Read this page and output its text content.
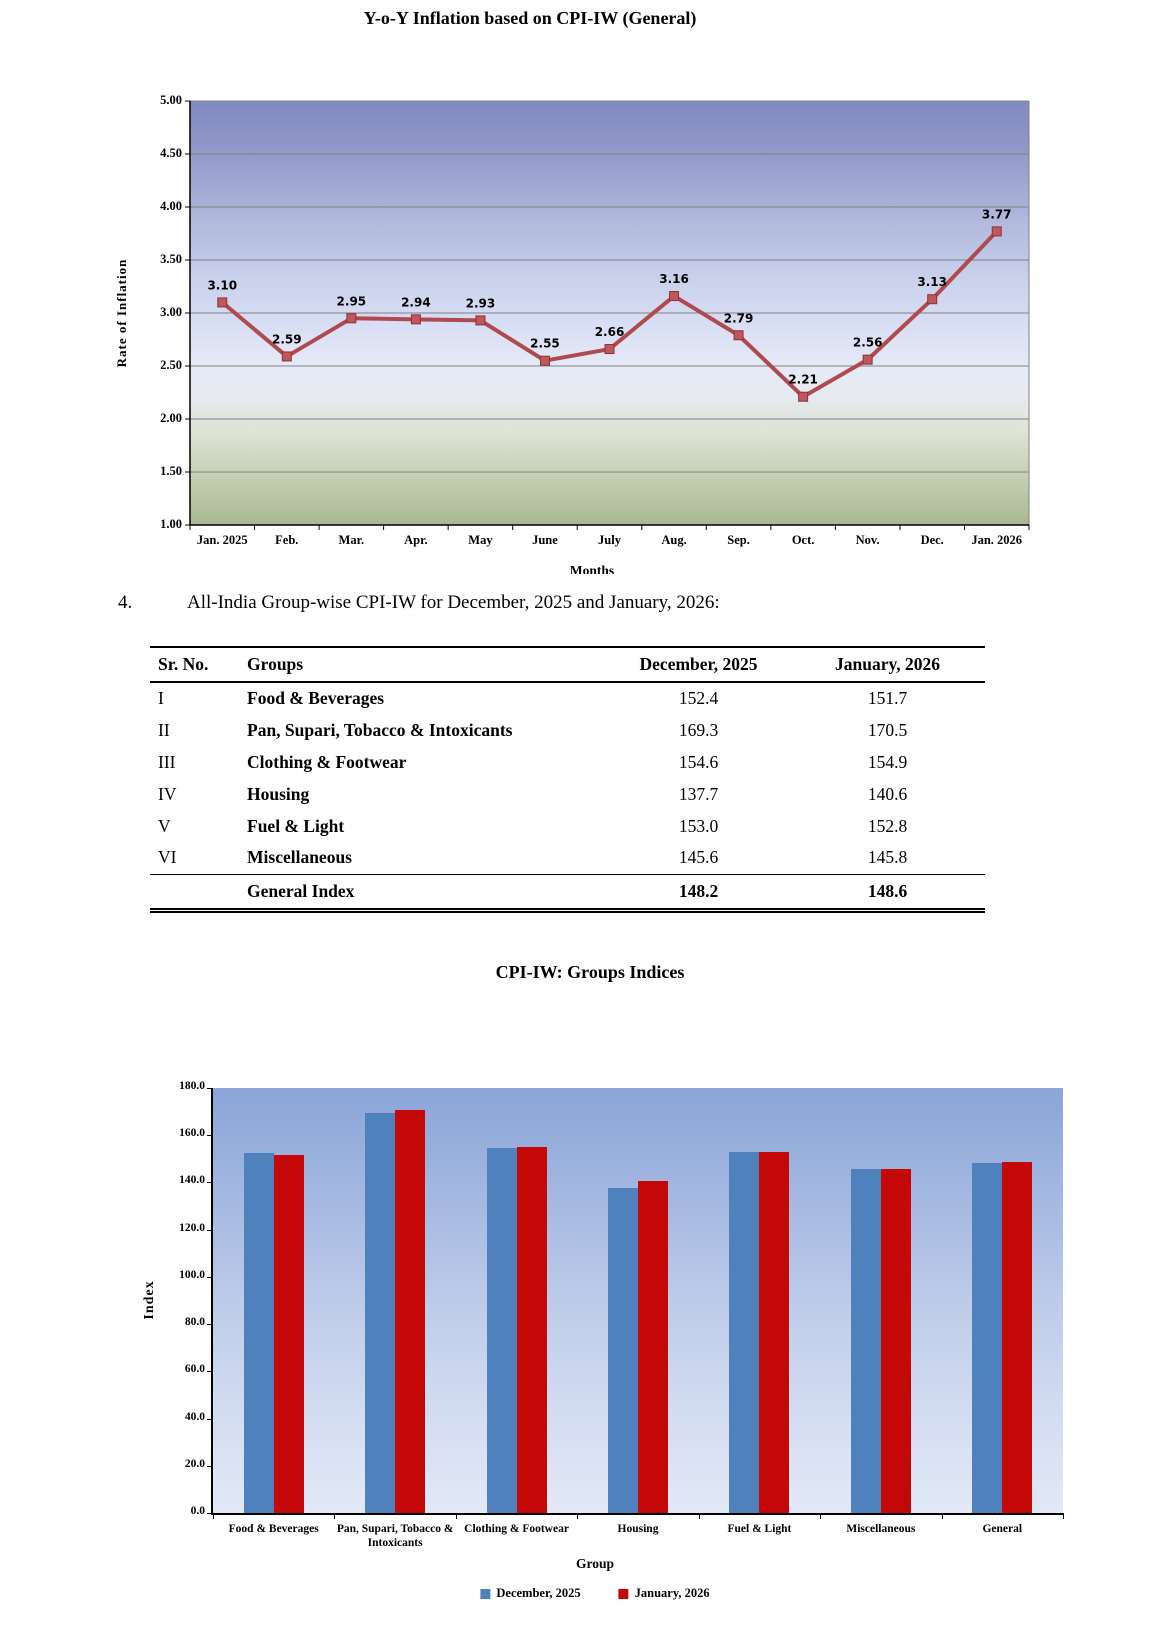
Y-o-Y Inflation based on CPI-IW (General)
Rate of Inflation	3.10
2.59
2.95	2.94	2.93
2.55
2.66
3.16
2.79
2.21
2.56
3.13
3.77
5.00
4.50
4.00
3.50
3.00
2.50
2.00
1.50
1.00
Jan. 2025	Feb.	Mar.	Apr.	May	June	July	Aug.	Sep.	Oct.	Nov.	Dec.	Jan. 2026
Months
4.	All-India Group-wise CPI-IW for December, 2025 and January, 2026:
Sr. No.	Groups	December, 2025	January, 2026
I	Food & Beverages	152.4	151.7
II	Pan, Supari, Tobacco & Intoxicants	169.3	170.5
III	Clothing & Footwear	154.6	154.9
IV	Housing	137.7	140.6
V	Fuel & Light	153.0	152.8
VI	Miscellaneous	145.6	145.8
	General Index	148.2	148.6
CPI-IW: Groups Indices
Index
180.0
160.0
140.0
120.0
100.0
80.0
60.0
40.0
20.0
0.0
Food & Beverages	Pan, Supari, Tobacco & Intoxicants
Clothing & Footwear	Housing	Fuel & Light	Miscellaneous	General
Group
December, 2025	January, 2026
